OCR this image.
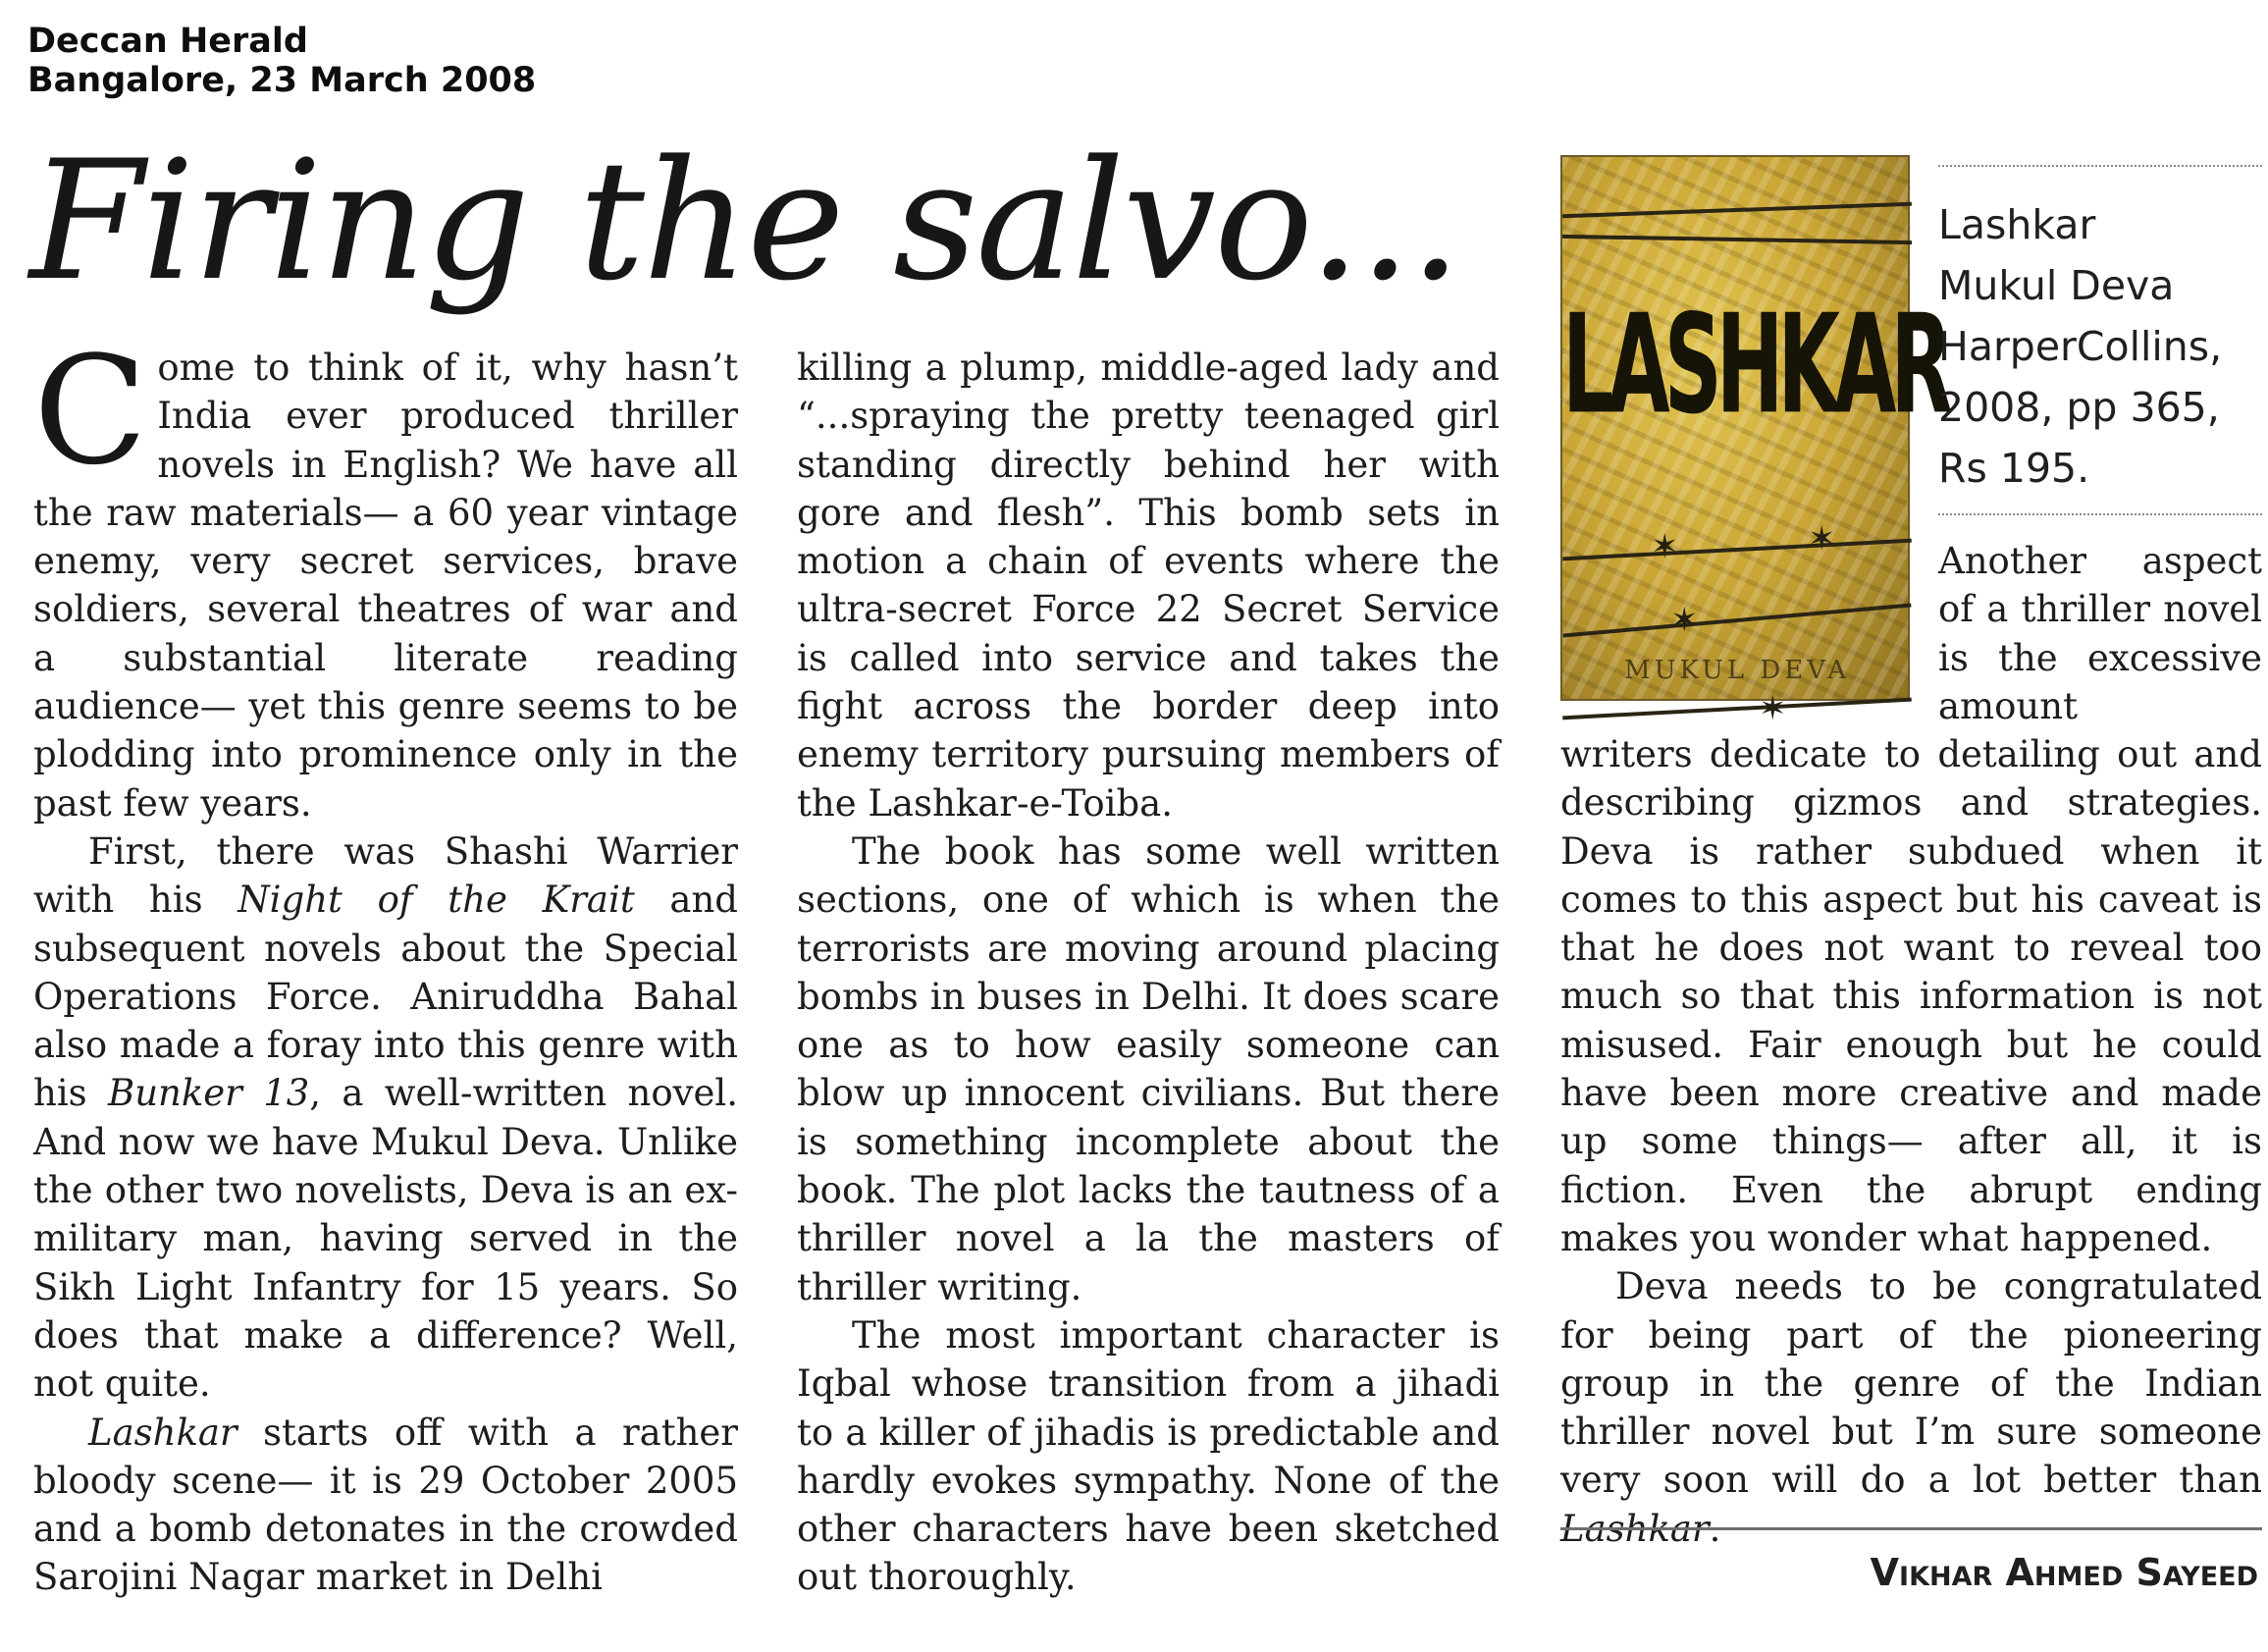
Deccan Herald
Bangalore, 23 March 2008
Firing the salvo...

Come to think of it, why hasn’t India ever produced thriller novels in English? We have all the raw materials— a 60 year vintage enemy, very secret services, brave soldiers, several theatres of war and a substantial literate reading audience— yet this genre seems to be plodding into prominence only in the past few years.

First, there was Shashi Warrier with his Night of the Krait and subsequent novels about the Special Operations Force. Aniruddha Bahal also made a foray into this genre with his Bunker 13, a well-written novel. And now we have Mukul Deva. Unlike the other two novelists, Deva is an ex-military man, having served in the Sikh Light Infantry for 15 years. So does that make a difference? Well, not quite.

Lashkar starts off with a rather bloody scene— it is 29 October 2005 and a bomb detonates in the crowded Sarojini Nagar market in Delhi

killing a plump, middle-aged lady and “...spraying the pretty teenaged girl standing directly behind her with gore and flesh”. This bomb sets in motion a chain of events where the ultra-secret Force 22 Secret Service is called into service and takes the fight across the border deep into enemy territory pursuing members of the Lashkar-e-Toiba.

The book has some well written sections, one of which is when the terrorists are moving around placing bombs in buses in Delhi. It does scare one as to how easily someone can blow up innocent civilians. But there is something incomplete about the book. The plot lacks the tautness of a thriller novel a la the masters of thriller writing.

The most important character is Iqbal whose transition from a jihadi to a killer of jihadis is predictable and hardly evokes sympathy. None of the other characters have been sketched out thoroughly.

LASHKAR
✶	✶
✶
✶
MUKUL DEVA
Lashkar
Mukul Deva
HarperCollins,
2008, pp 365,
Rs 195.

Another aspect of a thriller novel is the excessive amount

writers dedicate to detailing out and describing gizmos and strategies. Deva is rather subdued when it comes to this aspect but his caveat is that he does not want to reveal too much so that this information is not misused. Fair enough but he could have been more creative and made up some things— after all, it is fiction. Even the abrupt ending makes you wonder what happened.

Deva needs to be congratulated for being part of the pioneering group in the genre of the Indian thriller novel but I’m sure someone very soon will do a lot better than Lashkar.

Vikhar Ahmed Sayeed
